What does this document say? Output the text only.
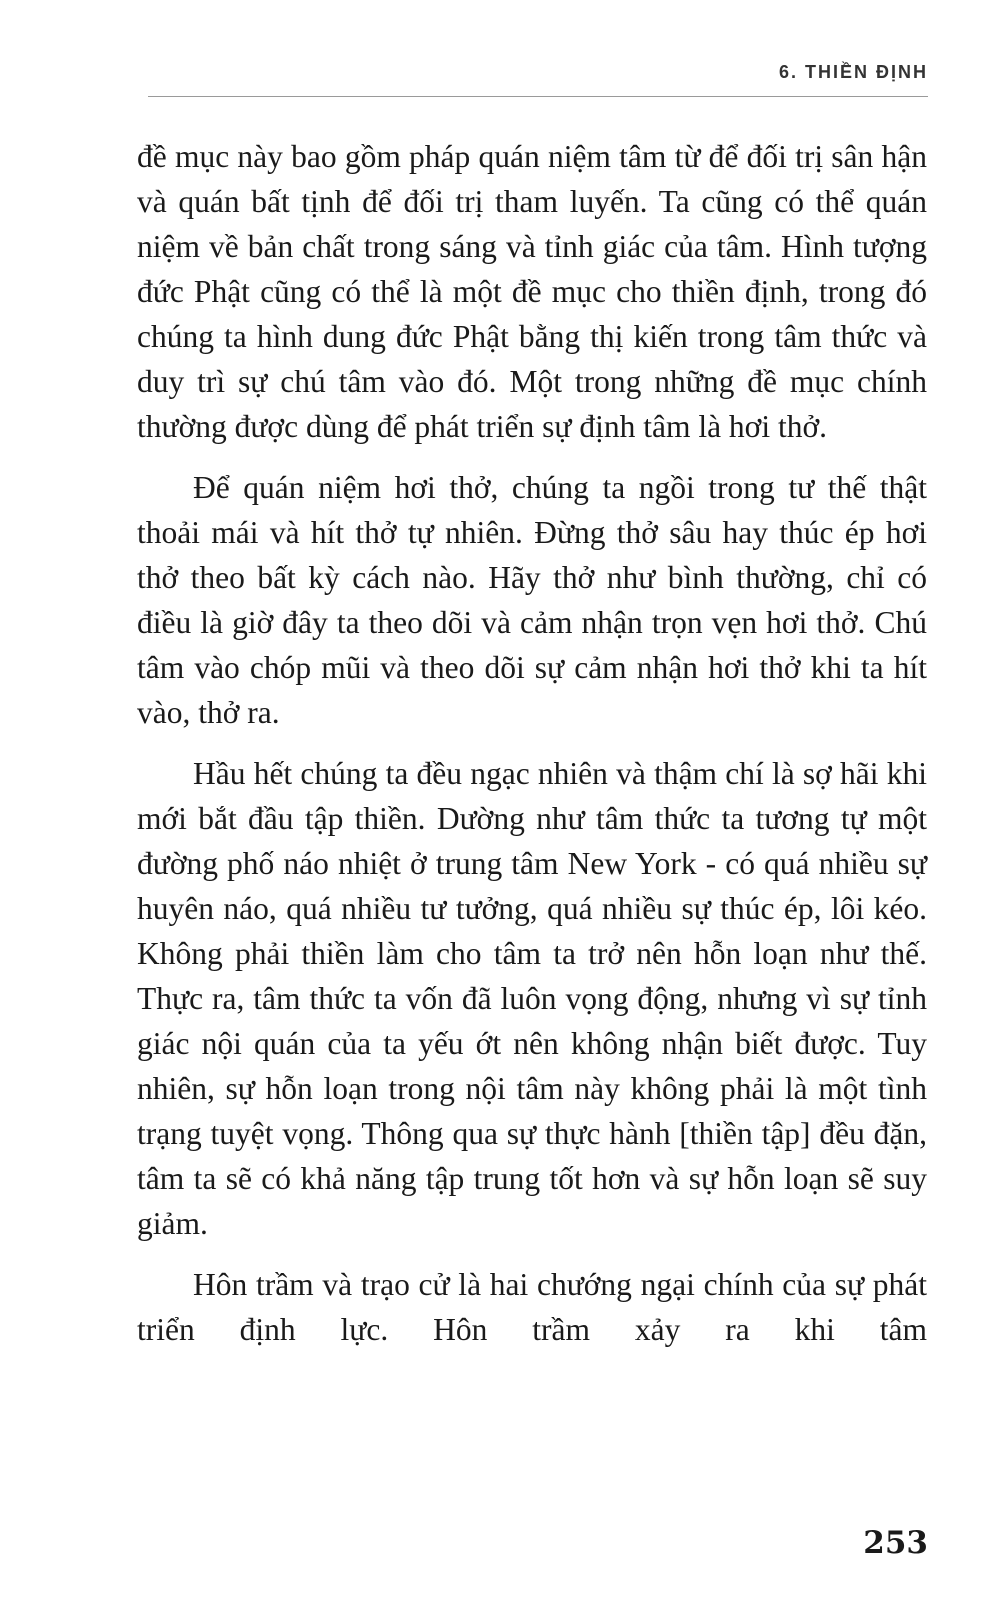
6. THIỀN ĐỊNH

đề mục này bao gồm pháp quán niệm tâm từ để đối trị sân hận và quán bất tịnh để đối trị tham luyến. Ta cũng có thể quán niệm về bản chất trong sáng và tỉnh giác của tâm. Hình tượng đức Phật cũng có thể là một đề mục cho thiền định, trong đó chúng ta hình dung đức Phật bằng thị kiến trong tâm thức và duy trì sự chú tâm vào đó. Một trong những đề mục chính thường được dùng để phát triển sự định tâm là hơi thở.

Để quán niệm hơi thở, chúng ta ngồi trong tư thế thật thoải mái và hít thở tự nhiên. Đừng thở sâu hay thúc ép hơi thở theo bất kỳ cách nào. Hãy thở như bình thường, chỉ có điều là giờ đây ta theo dõi và cảm nhận trọn vẹn hơi thở. Chú tâm vào chóp mũi và theo dõi sự cảm nhận hơi thở khi ta hít vào, thở ra.

Hầu hết chúng ta đều ngạc nhiên và thậm chí là sợ hãi khi mới bắt đầu tập thiền. Dường như tâm thức ta tương tự một đường phố náo nhiệt ở trung tâm New York - có quá nhiều sự huyên náo, quá nhiều tư tưởng, quá nhiều sự thúc ép, lôi kéo. Không phải thiền làm cho tâm ta trở nên hỗn loạn như thế. Thực ra, tâm thức ta vốn đã luôn vọng động, nhưng vì sự tỉnh giác nội quán của ta yếu ớt nên không nhận biết được. Tuy nhiên, sự hỗn loạn trong nội tâm này không phải là một tình trạng tuyệt vọng. Thông qua sự thực hành [thiền tập] đều đặn, tâm ta sẽ có khả năng tập trung tốt hơn và sự hỗn loạn sẽ suy giảm.

Hôn trầm và trạo cử là hai chướng ngại chính của sự phát triển định lực. Hôn trầm xảy ra khi tâm

253
